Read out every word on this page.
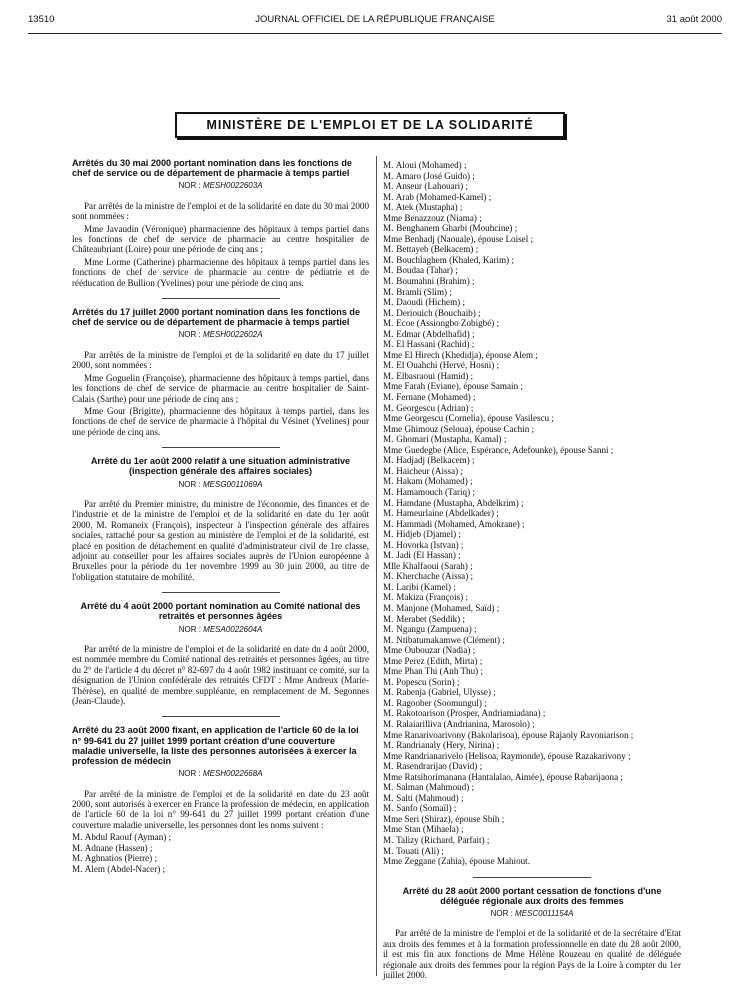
13510	JOURNAL OFFICIEL DE LA RÉPUBLIQUE FRANÇAISE	31 août 2000
MINISTÈRE DE L'EMPLOI ET DE LA SOLIDARITÉ
Arrêtés du 30 mai 2000 portant nomination dans les fonctions de chef de service ou de département de pharmacie à temps partiel
NOR : MESH0022603A

Par arrêtés de la ministre de l'emploi et de la solidarité en date du 30 mai 2000 sont nommées :

Mme Javaudin (Véronique) pharmacienne des hôpitaux à temps partiel dans les fonctions de chef de service de pharmacie au centre hospitalier de Châteaubriant (Loire) pour une période de cinq ans ;

Mme Lorme (Catherine) pharmacienne des hôpitaux à temps partiel dans les fonctions de chef de service de pharmacie au centre de pédiatrie et de rééducation de Bullion (Yvelines) pour une période de cinq ans.

Arrêtés du 17 juillet 2000 portant nomination dans les fonctions de chef de service ou de département de pharmacie à temps partiel
NOR : MESH0022602A

Par arrêtés de la ministre de l'emploi et de la solidarité en date du 17 juillet 2000, sont nommées :

Mme Goguelin (Françoise), pharmacienne des hôpitaux à temps partiel, dans les fonctions de chef de service de pharmacie au centre hospitalier de Saint-Calais (Sarthe) pour une période de cinq ans ;

Mme Gour (Brigitte), pharmacienne des hôpitaux à temps partiel, dans les fonctions de chef de service de pharmacie à l'hôpital du Vésinet (Yvelines) pour une période de cinq ans.

Arrêté du 1er août 2000 relatif à une situation administrative (inspection générale des affaires sociales)
NOR : MESG0011069A

Par arrêté du Premier ministre, du ministre de l'économie, des finances et de l'industrie et de la ministre de l'emploi et de la solidarité en date du 1er août 2000, M. Romaneix (François), inspecteur à l'inspection générale des affaires sociales, rattaché pour sa gestion au ministère de l'emploi et de la solidarité, est placé en position de détachement en qualité d'administrateur civil de 1re classe, adjoint au conseiller pour les affaires sociales auprès de l'Union européenne à Bruxelles pour la période du 1er novembre 1999 au 30 juin 2000, au titre de l'obligation statutaire de mobilité.

Arrêté du 4 août 2000 portant nomination au Comité national des retraités et personnes âgées
NOR : MESA0022604A

Par arrêté de la ministre de l'emploi et de la solidarité en date du 4 août 2000, est nommée membre du Comité national des retraités et personnes âgées, au titre du 2° de l'article 4 du décret n° 82-697 du 4 août 1982 instituant ce comité, sur la désignation de l'Union confédérale des retraités CFDT : Mme Andreux (Marie-Thérèse), en qualité de membre suppléante, en remplacement de M. Segonnes (Jean-Claude).

Arrêté du 23 août 2000 fixant, en application de l'article 60 de la loi n° 99-641 du 27 juillet 1999 portant création d'une couverture maladie universelle, la liste des personnes autorisées à exercer la profession de médecin
NOR : MESH0022668A

Par arrêté de la ministre de l'emploi et de la solidarité en date du 23 août 2000, sont autorisés à exercer en France la profession de médecin, en application de l'article 60 de la loi n° 99-641 du 27 juillet 1999 portant création d'une couverture maladie universelle, les personnes dont les noms suivent :

M. Abdul Raouf (Ayman) ;
M. Adnane (Hassen) ;
M. Aghnatios (Pierre) ;
M. Alem (Abdel-Nacer) ;
M. Aloui (Mohamed) ;
M. Amaro (José Guido) ;
M. Anseur (Lahouari) ;
M. Arab (Mohamed-Kamel) ;
M. Atek (Mustapha) ;
Mme Benazzouz (Niama) ;
M. Benghanem Gharbi (Mouhcine) ;
Mme Benhadj (Naouale), épouse Loisel ;
M. Bettayeb (Belkacem) ;
M. Bouchlaghem (Khaled, Karim) ;
M. Boudaa (Tahar) ;
M. Boumahni (Brahim) ;
M. Bramli (Slim) ;
M. Daoudi (Hichem) ;
M. Deriouich (Bouchaib) ;
M. Ecoe (Assiongbo Zobigbé) ;
M. Edmar (Abdelhafid) ;
M. El Hassani (Rachid) ;
Mme El Hirech (Khedidja), épouse Alem ;
M. El Ouahchi (Hervé, Hosni) ;
M. Elbasraoui (Hamid) ;
Mme Farah (Eviane), épouse Samain ;
M. Fernane (Mohamed) ;
M. Georgescu (Adrian) ;
Mme Georgescu (Cornelia), épouse Vasilescu ;
Mme Ghimouz (Seloua), épouse Cachin ;
M. Ghomari (Mustapha, Kamal) ;
Mme Guedegbe (Alice, Espérance, Adefounke), épouse Sanni ;
M. Hadjadj (Belkacem) ;
M. Haicheur (Aissa) ;
M. Hakam (Mohamed) ;
M. Hamamouch (Tariq) ;
M. Hamdane (Mustapha, Abdelkrim) ;
M. Hameurlaine (Abdelkader) ;
M. Hammadi (Mohamed, Amokrane) ;
M. Hidjeb (Djamel) ;
M. Hovorka (Istvan) ;
M. Jadi (El Hassan) ;
Mlle Khalfaoui (Sarah) ;
M. Kherchache (Aissa) ;
M. Laribi (Kamel) ;
M. Makiza (François) ;
M. Manjone (Mohamed, Saïd) ;
M. Merabet (Seddik) ;
M. Ngangu (Zampuena) ;
M. Ntibatumakamwe (Clément) ;
Mme Oubouzar (Nadia) ;
Mme Perez (Edith, Mirta) ;
Mme Phan Thi (Anh Thu) ;
M. Popescu (Sorin) ;
M. Rabenja (Gabriel, Ulysse) ;
M. Ragoober (Soomungul) ;
M. Rakotoarison (Prosper, Andriamiadana) ;
M. Ralaiarilliva (Andrianina, Marosolo) ;
Mme Ranarivoarivony (Bakolarisoa), épouse Rajaoly Ravoniarison ;
M. Randrianaly (Hery, Nirina) ;
Mme Randrianarivelo (Helisoa, Raymonde), épouse Razakarivony ;
M. Rasendrarijao (David) ;
Mme Ratsihorimanana (Hantalalao, Aimée), épouse Rabarijaona ;
M. Salman (Mahmoud) ;
M. Salti (Mahmoud) ;
M. Sanfo (Somaïl) ;
Mme Seri (Shiraz), épouse Sbih ;
Mme Stan (Mihaela) ;
M. Talizy (Richard, Parfait) ;
M. Touati (Ali) ;
Mme Zeggane (Zahia), épouse Mahiout.
Arrêté du 28 août 2000 portant cessation de fonctions d'une déléguée régionale aux droits des femmes
NOR : MESC0011154A

Par arrêté de la ministre de l'emploi et de la solidarité et de la secrétaire d'Etat aux droits des femmes et à la formation professionnelle en date du 28 août 2000, il est mis fin aux fonctions de Mme Hélène Rouzeau en qualité de déléguée régionale aux droits des femmes pour la région Pays de la Loire à compter du 1er juillet 2000.
